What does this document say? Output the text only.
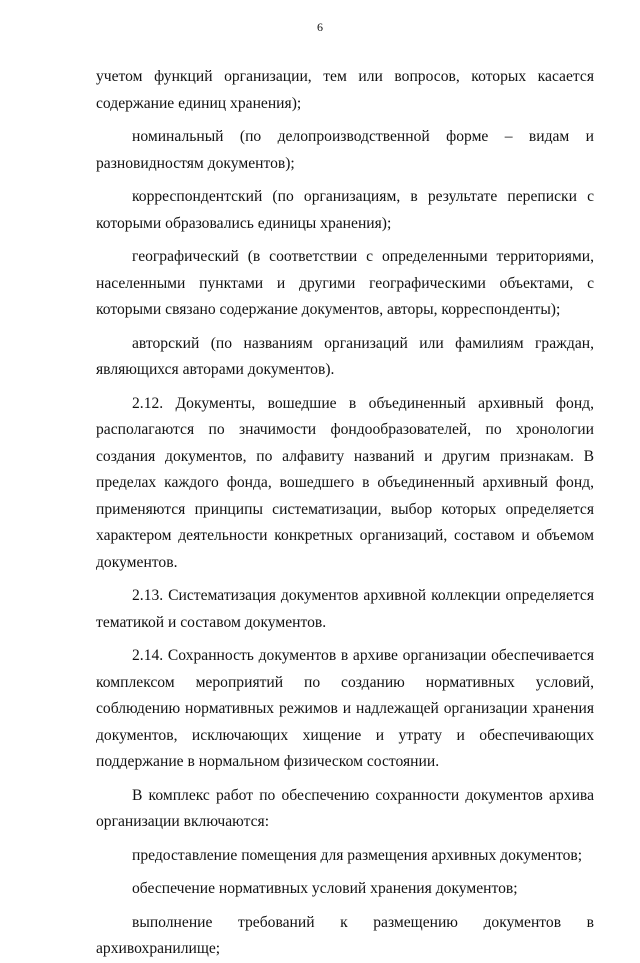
6

учетом функций организации, тем или вопросов, которых касается содержание единиц хранения);

номинальный (по делопроизводственной форме – видам и разновидностям документов);

корреспондентский (по организациям, в результате переписки с которыми образовались единицы хранения);

географический (в соответствии с определенными территориями, населенными пунктами и другими географическими объектами, с которыми связано содержание документов, авторы, корреспонденты);

авторский (по названиям организаций или фамилиям граждан, являющихся авторами документов).

2.12. Документы, вошедшие в объединенный архивный фонд, располагаются по значимости фондообразователей, по хронологии создания документов, по алфавиту названий и другим признакам. В пределах каждого фонда, вошедшего в объединенный архивный фонд, применяются принципы систематизации, выбор которых определяется характером деятельности конкретных организаций, составом и объемом документов.

2.13. Систематизация документов архивной коллекции определяется тематикой и составом документов.

2.14. Сохранность документов в архиве организации обеспечивается комплексом мероприятий по созданию нормативных условий, соблюдению нормативных режимов и надлежащей организации хранения документов, исключающих хищение и утрату и обеспечивающих поддержание в нормальном физическом состоянии.

В комплекс работ по обеспечению сохранности документов архива организации включаются:

предоставление помещения для размещения архивных документов;

обеспечение нормативных условий хранения документов;

выполнение требований к размещению документов в архивохранилище;
